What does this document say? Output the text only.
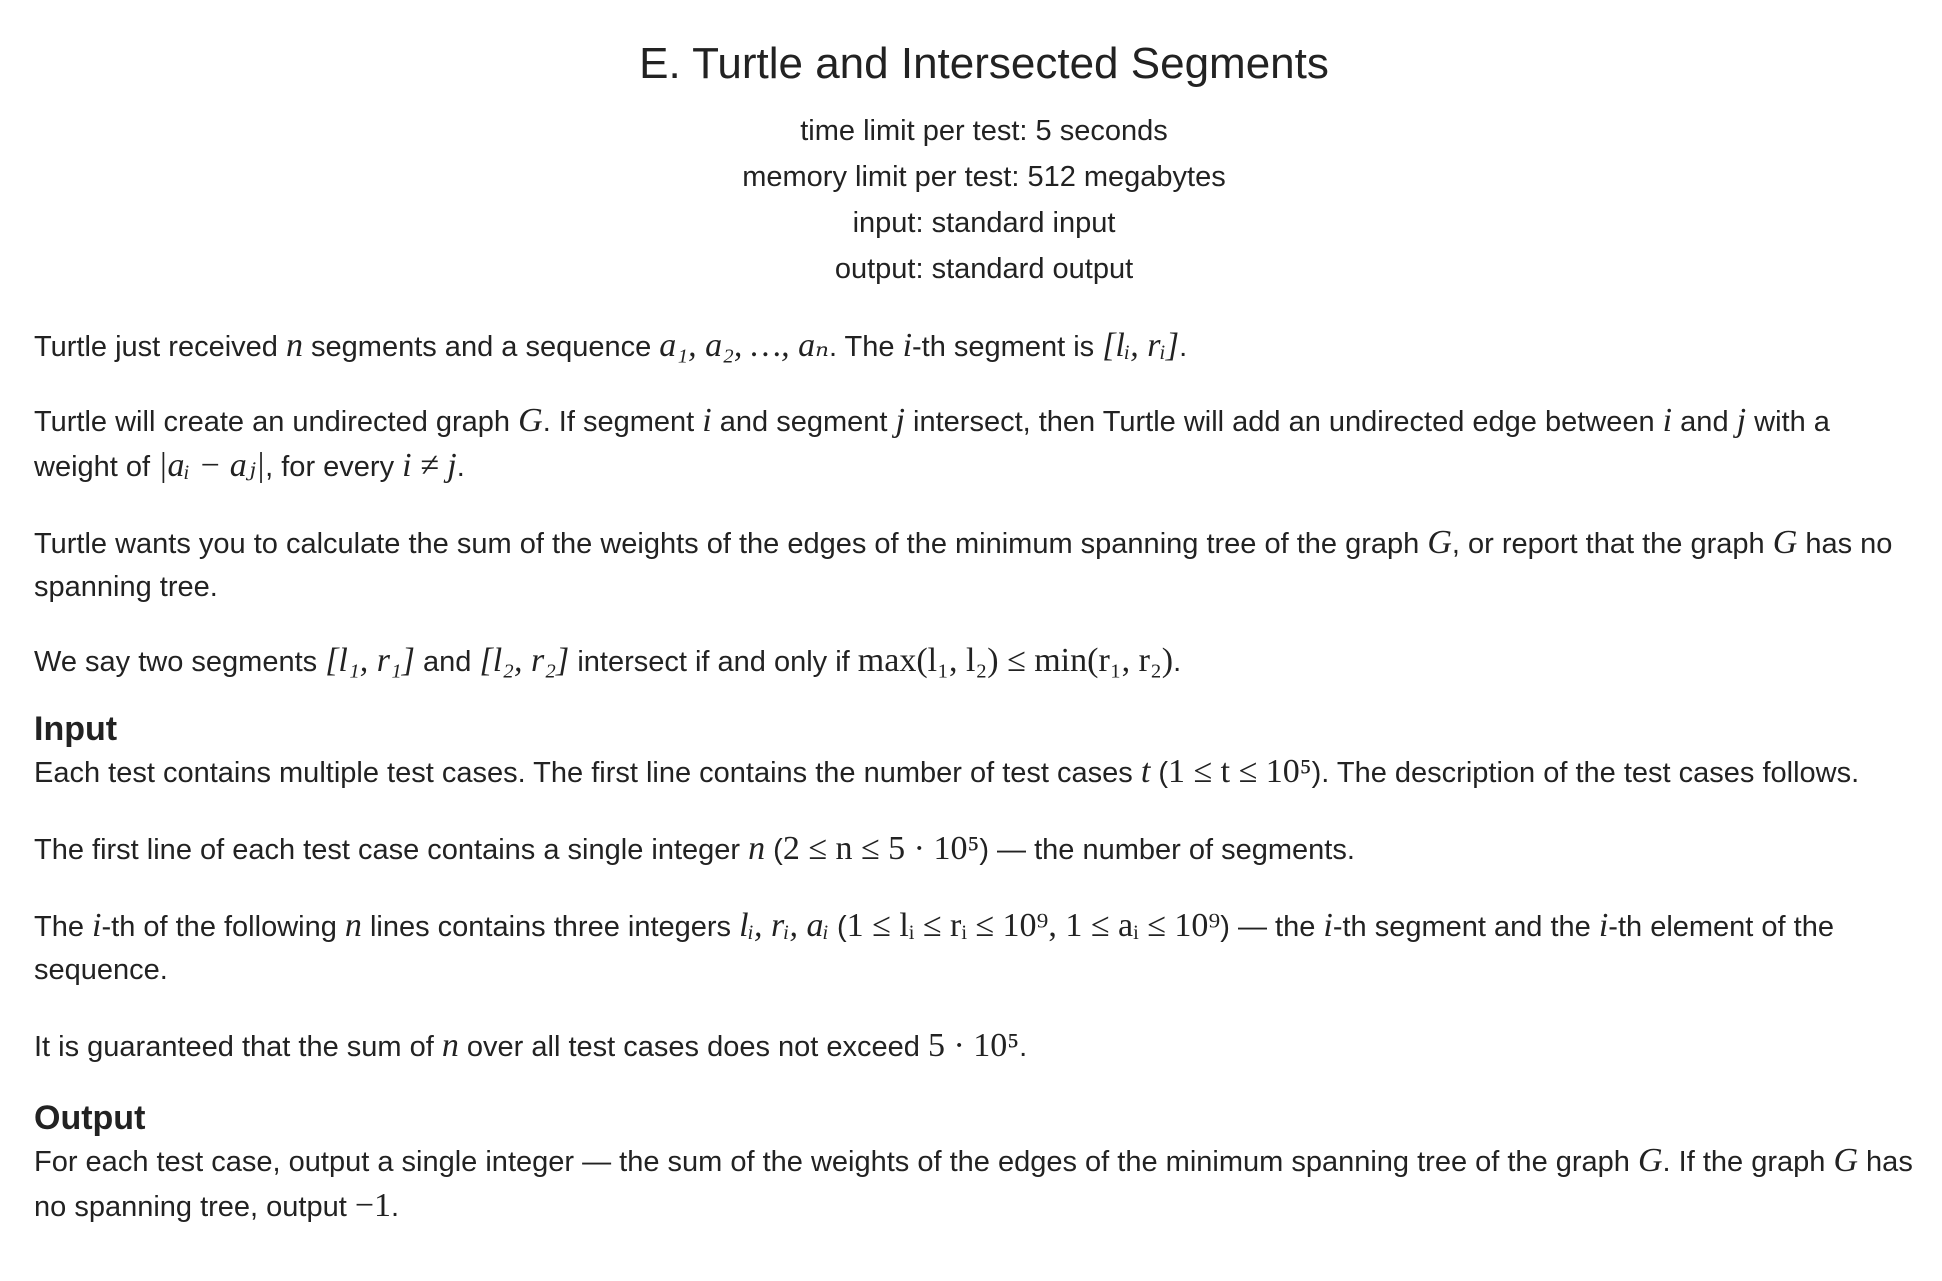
E. Turtle and Intersected Segments
time limit per test: 5 seconds
memory limit per test: 512 megabytes
input: standard input
output: standard output

Turtle just received n segments and a sequence a₁, a₂, …, aₙ. The i-th segment is [lᵢ, rᵢ].

Turtle will create an undirected graph G. If segment i and segment j intersect, then Turtle will add an undirected edge between i and j with a weight of |aᵢ − aⱼ|, for every i ≠ j.

Turtle wants you to calculate the sum of the weights of the edges of the minimum spanning tree of the graph G, or report that the graph G has no spanning tree.

We say two segments [l₁, r₁] and [l₂, r₂] intersect if and only if max(l₁, l₂) ≤ min(r₁, r₂).

Input

Each test contains multiple test cases. The first line contains the number of test cases t (1 ≤ t ≤ 10⁵). The description of the test cases follows.

The first line of each test case contains a single integer n (2 ≤ n ≤ 5 · 10⁵) — the number of segments.

The i-th of the following n lines contains three integers lᵢ, rᵢ, aᵢ (1 ≤ lᵢ ≤ rᵢ ≤ 10⁹, 1 ≤ aᵢ ≤ 10⁹) — the i-th segment and the i-th element of the sequence.

It is guaranteed that the sum of n over all test cases does not exceed 5 · 10⁵.

Output

For each test case, output a single integer — the sum of the weights of the edges of the minimum spanning tree of the graph G. If the graph G has no spanning tree, output −1.
